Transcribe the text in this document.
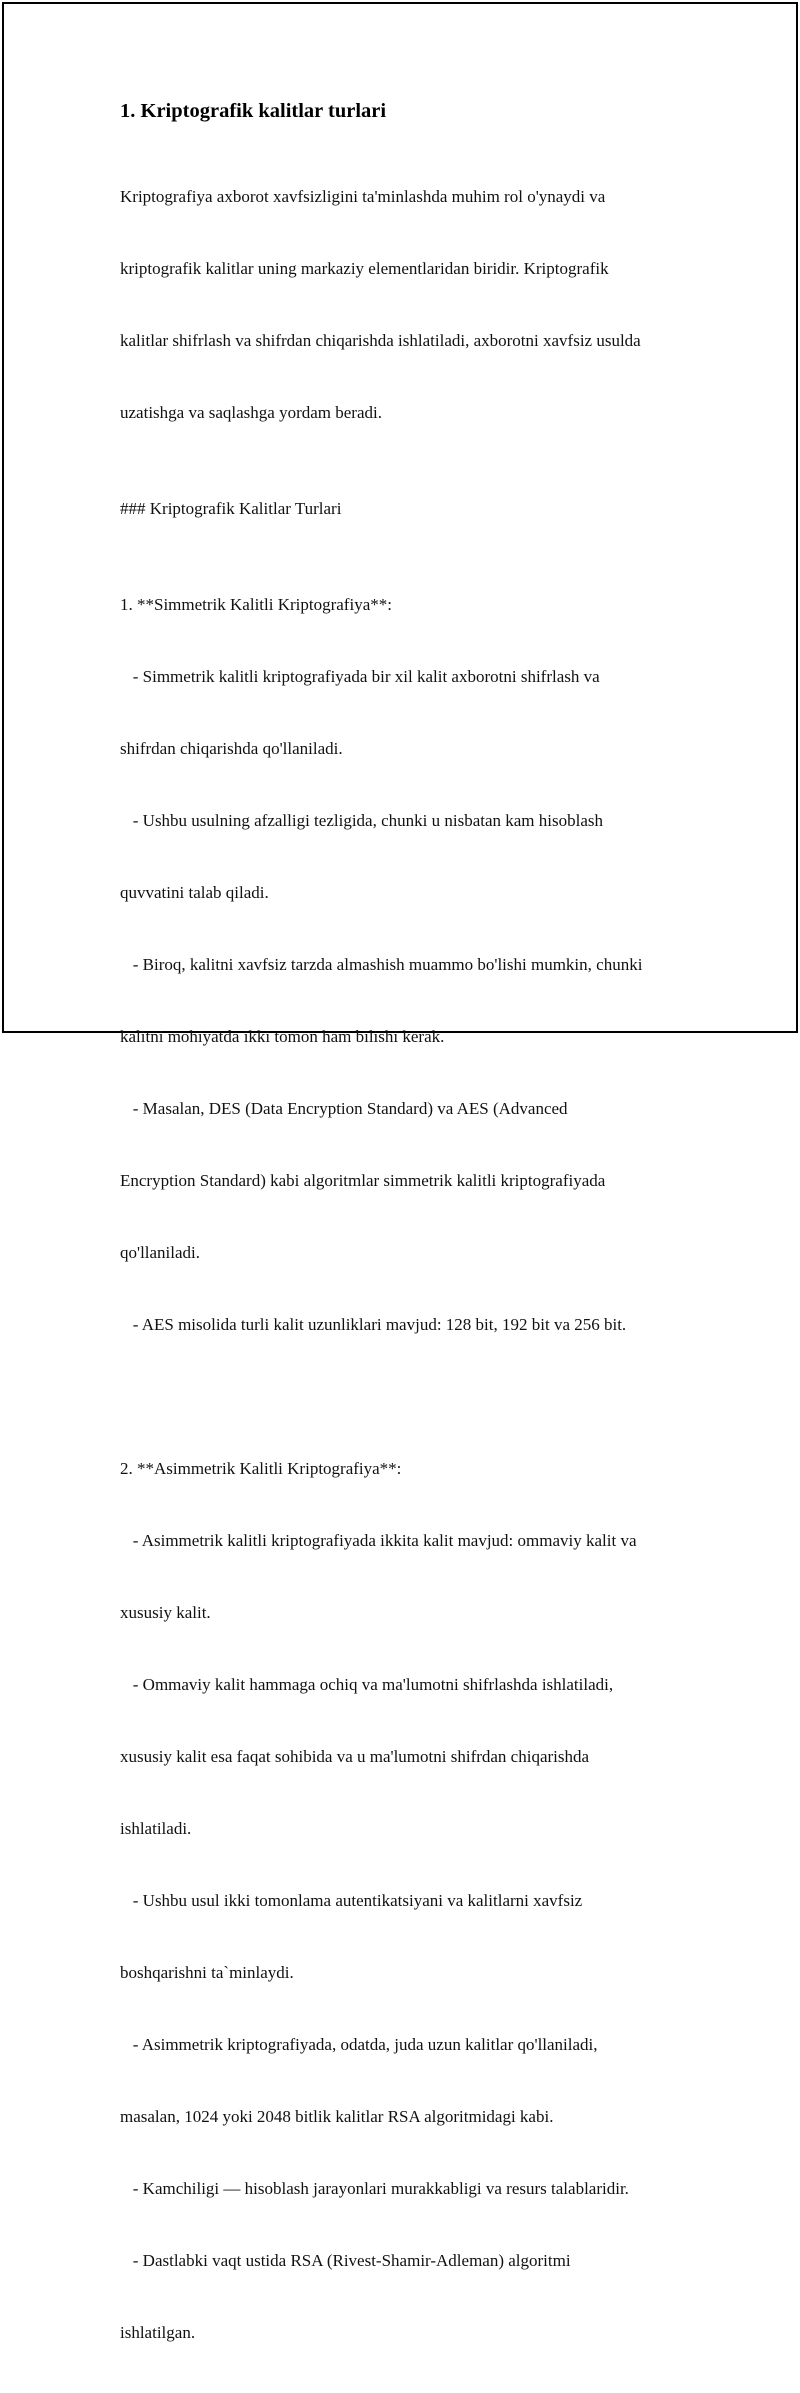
1. Kriptografik kalitlar turlari

Kriptografiya axborot xavfsizligini ta'minlashda muhim rol o'ynaydi va

kriptografik kalitlar uning markaziy elementlaridan biridir. Kriptografik

kalitlar shifrlash va shifrdan chiqarishda ishlatiladi, axborotni xavfsiz usulda

uzatishga va saqlashga yordam beradi.

### Kriptografik Kalitlar Turlari

1. **Simmetrik Kalitli Kriptografiya**:

- Simmetrik kalitli kriptografiyada bir xil kalit axborotni shifrlash va

shifrdan chiqarishda qo'llaniladi.

- Ushbu usulning afzalligi tezligida, chunki u nisbatan kam hisoblash

quvvatini talab qiladi.

- Biroq, kalitni xavfsiz tarzda almashish muammo bo'lishi mumkin, chunki

kalitni mohiyatda ikki tomon ham bilishi kerak.

- Masalan, DES (Data Encryption Standard) va AES (Advanced

Encryption Standard) kabi algoritmlar simmetrik kalitli kriptografiyada

qo'llaniladi.

- AES misolida turli kalit uzunliklari mavjud: 128 bit, 192 bit va 256 bit.

2. **Asimmetrik Kalitli Kriptografiya**:

- Asimmetrik kalitli kriptografiyada ikkita kalit mavjud: ommaviy kalit va

xususiy kalit.

- Ommaviy kalit hammaga ochiq va ma'lumotni shifrlashda ishlatiladi,

xususiy kalit esa faqat sohibida va u ma'lumotni shifrdan chiqarishda

ishlatiladi.

- Ushbu usul ikki tomonlama autentikatsiyani va kalitlarni xavfsiz

boshqarishni ta`minlaydi.

- Asimmetrik kriptografiyada, odatda, juda uzun kalitlar qo'llaniladi,

masalan, 1024 yoki 2048 bitlik kalitlar RSA algoritmidagi kabi.

- Kamchiligi — hisoblash jarayonlari murakkabligi va resurs talablaridir.

- Dastlabki vaqt ustida RSA (Rivest-Shamir-Adleman) algoritmi

ishlatilgan.
